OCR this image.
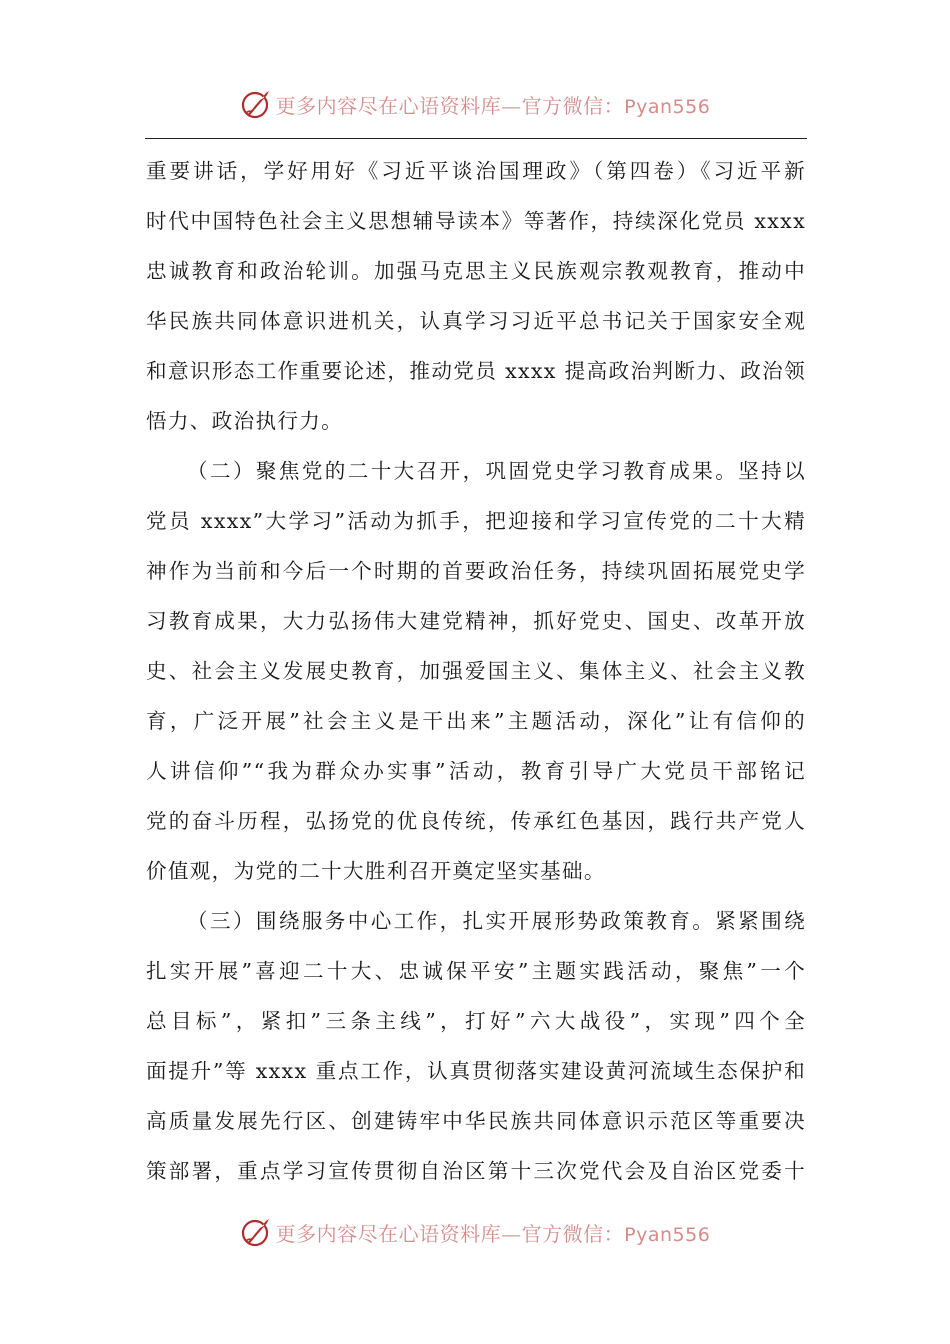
更多内容尽在心语资料库—官方微信：Pyan556
重要讲话，学好用好《习近平谈治国理政》（第四卷）《习近平新
时代中国特色社会主义思想辅导读本》等著作，持续深化党员 xxxx
忠诚教育和政治轮训。加强马克思主义民族观宗教观教育，推动中
华民族共同体意识进机关，认真学习习近平总书记关于国家安全观
和意识形态工作重要论述，推动党员 xxxx 提高政治判断力、政治领
悟力、政治执行力。
（二）聚焦党的二十大召开，巩固党史学习教育成果。坚持以
党员 xxxx”大学习”活动为抓手，把迎接和学习宣传党的二十大精
神作为当前和今后一个时期的首要政治任务，持续巩固拓展党史学
习教育成果，大力弘扬伟大建党精神，抓好党史、国史、改革开放
史、社会主义发展史教育，加强爱国主义、集体主义、社会主义教
育，广泛开展”社会主义是干出来”主题活动，深化”让有信仰的
人讲信仰”“我为群众办实事”活动，教育引导广大党员干部铭记
党的奋斗历程，弘扬党的优良传统，传承红色基因，践行共产党人
价值观，为党的二十大胜利召开奠定坚实基础。
（三）围绕服务中心工作，扎实开展形势政策教育。紧紧围绕
扎实开展”喜迎二十大、忠诚保平安”主题实践活动，聚焦”一个
总目标”，紧扣”三条主线”，打好”六大战役”，实现”四个全
面提升”等 xxxx 重点工作，认真贯彻落实建设黄河流域生态保护和
高质量发展先行区、创建铸牢中华民族共同体意识示范区等重要决
策部署，重点学习宣传贯彻自治区第十三次党代会及自治区党委十
更多内容尽在心语资料库—官方微信：Pyan556
